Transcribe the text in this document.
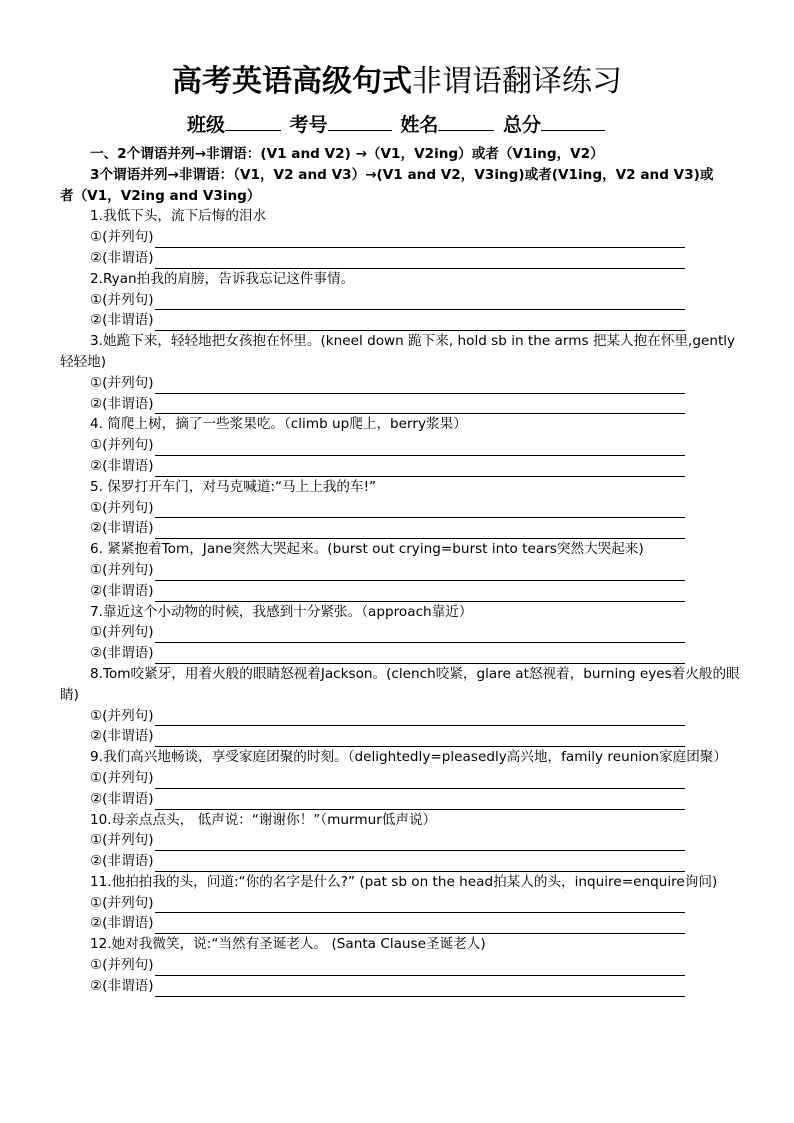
高考英语高级句式非谓语翻译练习
班级	考号	姓名	总分
一、2个谓语并列→非谓语：(V1 and V2) →（V1，V2ing）或者（V1ing，V2）
3个谓语并列→非谓语：（V1，V2 and V3）→(V1 and V2，V3ing)或者(V1ing，V2 and V3)或
者（V1，V2ing and V3ing）
1.我低下头，流下后悔的泪水
①(并列句)
②(非谓语)
2.Ryan拍我的肩膀，告诉我忘记这件事情。
①(并列句)
②(非谓语)
3.她跪下来，轻轻地把女孩抱在怀里。(kneel down 跪下来, hold sb in the arms 把某人抱在怀里,gently轻轻地)
①(并列句)
②(非谓语)
4. 简爬上树，摘了一些浆果吃。（climb up爬上，berry浆果）
①(并列句)
②(非谓语)
5. 保罗打开车门，对马克喊道:“马上上我的车!”
①(并列句)
②(非谓语)
6. 紧紧抱着Tom，Jane突然大哭起来。(burst out crying=burst into tears突然大哭起来)
①(并列句)
②(非谓语)
7.靠近这个小动物的时候，我感到十分紧张。（approach靠近）
①(并列句)
②(非谓语)
8.Tom咬紧牙，用着火般的眼睛怒视着Jackson。(clench咬紧，glare at怒视着，burning eyes着火般的眼睛)
①(并列句)
②(非谓语)
9.我们高兴地畅谈，享受家庭团聚的时刻。（delightedly=pleasedly高兴地，family reunion家庭团聚）
①(并列句)
②(非谓语)
10.母亲点点头， 低声说：“谢谢你！”（murmur低声说）
①(并列句)
②(非谓语)
11.他拍拍我的头，问道:“你的名字是什么?” (pat sb on the head拍某人的头，inquire=enquire询问)
①(并列句)
②(非谓语)
12.她对我微笑，说:“当然有圣诞老人。 (Santa Clause圣诞老人)
①(并列句)
②(非谓语)
